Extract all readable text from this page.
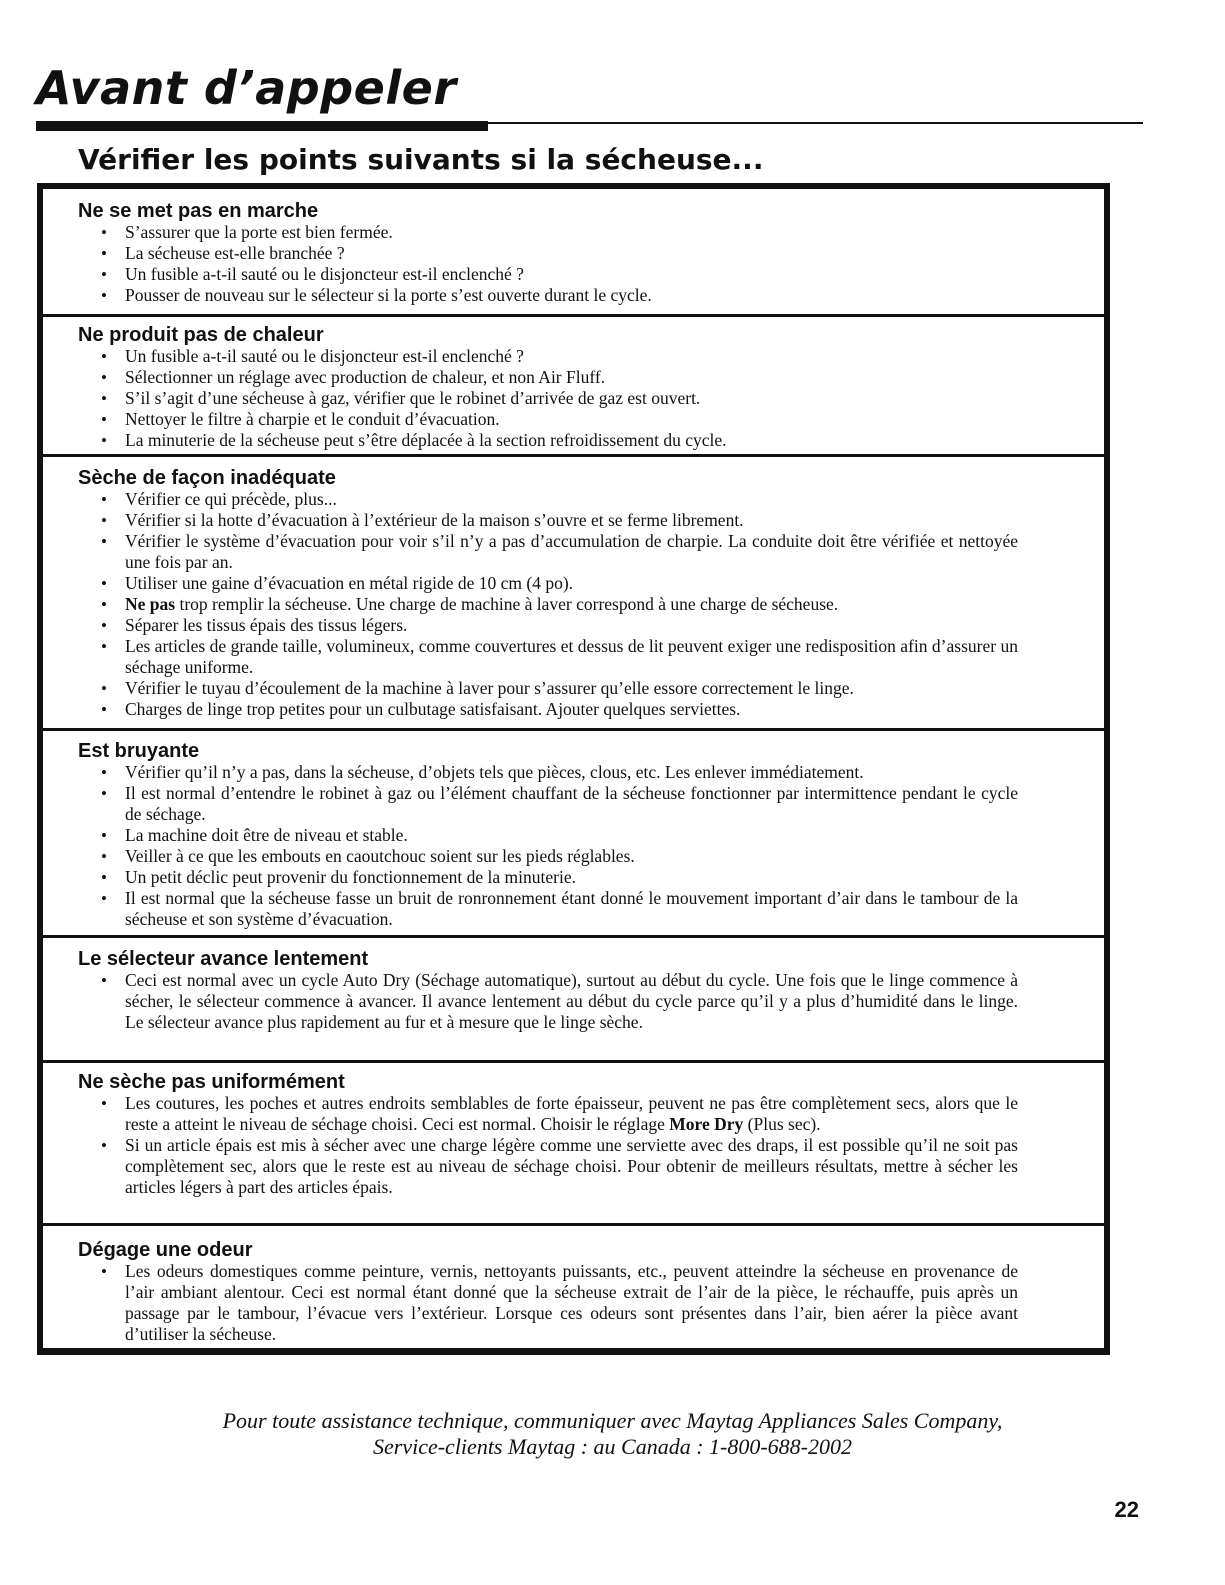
Avant d’appeler
Vérifier les points suivants si la sécheuse...
Ne se met pas en marche
• S’assurer que la porte est bien fermée.
• La sécheuse est-elle branchée ?
• Un fusible a-t-il sauté ou le disjoncteur est-il enclenché ?
• Pousser de nouveau sur le sélecteur si la porte s’est ouverte durant le cycle.
Ne produit pas de chaleur
• Un fusible a-t-il sauté ou le disjoncteur est-il enclenché ?
• Sélectionner un réglage avec production de chaleur, et non Air Fluff.
• S’il s’agit d’une sécheuse à gaz, vérifier que le robinet d’arrivée de gaz est ouvert.
• Nettoyer le filtre à charpie et le conduit d’évacuation.
• La minuterie de la sécheuse peut s’être déplacée à la section refroidissement du cycle.
Sèche de façon inadéquate
• Vérifier ce qui précède, plus...
• Vérifier si la hotte d’évacuation à l’extérieur de la maison s’ouvre et se ferme librement.
• Vérifier le système d’évacuation pour voir s’il n’y a pas d’accumulation de charpie. La conduite doit être vérifiée et nettoyée une fois par an.
• Utiliser une gaine d’évacuation en métal rigide de 10 cm (4 po).
• Ne pas trop remplir la sécheuse. Une charge de machine à laver correspond à une charge de sécheuse.
• Séparer les tissus épais des tissus légers.
• Les articles de grande taille, volumineux, comme couvertures et dessus de lit peuvent exiger une redisposition afin d’assurer un séchage uniforme.
• Vérifier le tuyau d’écoulement de la machine à laver pour s’assurer qu’elle essore correctement le linge.
• Charges de linge trop petites pour un culbutage satisfaisant. Ajouter quelques serviettes.
Est bruyante
• Vérifier qu’il n’y a pas, dans la sécheuse, d’objets tels que pièces, clous, etc. Les enlever immédiatement.
• Il est normal d’entendre le robinet à gaz ou l’élément chauffant de la sécheuse fonctionner par intermittence pendant le cycle de séchage.
• La machine doit être de niveau et stable.
• Veiller à ce que les embouts en caoutchouc soient sur les pieds réglables.
• Un petit déclic peut provenir du fonctionnement de la minuterie.
• Il est normal que la sécheuse fasse un bruit de ronronnement étant donné le mouvement important d’air dans le tambour de la sécheuse et son système d’évacuation.
Le sélecteur avance lentement
• Ceci est normal avec un cycle Auto Dry (Séchage automatique), surtout au début du cycle. Une fois que le linge commence à sécher, le sélecteur commence à avancer. Il avance lentement au début du cycle parce qu’il y a plus d’humidité dans le linge. Le sélecteur avance plus rapidement au fur et à mesure que le linge sèche.
Ne sèche pas uniformément
• Les coutures, les poches et autres endroits semblables de forte épaisseur, peuvent ne pas être complètement secs, alors que le reste a atteint le niveau de séchage choisi. Ceci est normal. Choisir le réglage More Dry (Plus sec).
• Si un article épais est mis à sécher avec une charge légère comme une serviette avec des draps, il est possible qu’il ne soit pas complètement sec, alors que le reste est au niveau de séchage choisi. Pour obtenir de meilleurs résultats, mettre à sécher les articles légers à part des articles épais.
Dégage une odeur
• Les odeurs domestiques comme peinture, vernis, nettoyants puissants, etc., peuvent atteindre la sécheuse en provenance de l’air ambiant alentour. Ceci est normal étant donné que la sécheuse extrait de l’air de la pièce, le réchauffe, puis après un passage par le tambour, l’évacue vers l’extérieur. Lorsque ces odeurs sont présentes dans l’air, bien aérer la pièce avant d’utiliser la sécheuse.

Pour toute assistance technique, communiquer avec Maytag Appliances Sales Company,

Service-clients Maytag : au Canada : 1-800-688-2002

22
